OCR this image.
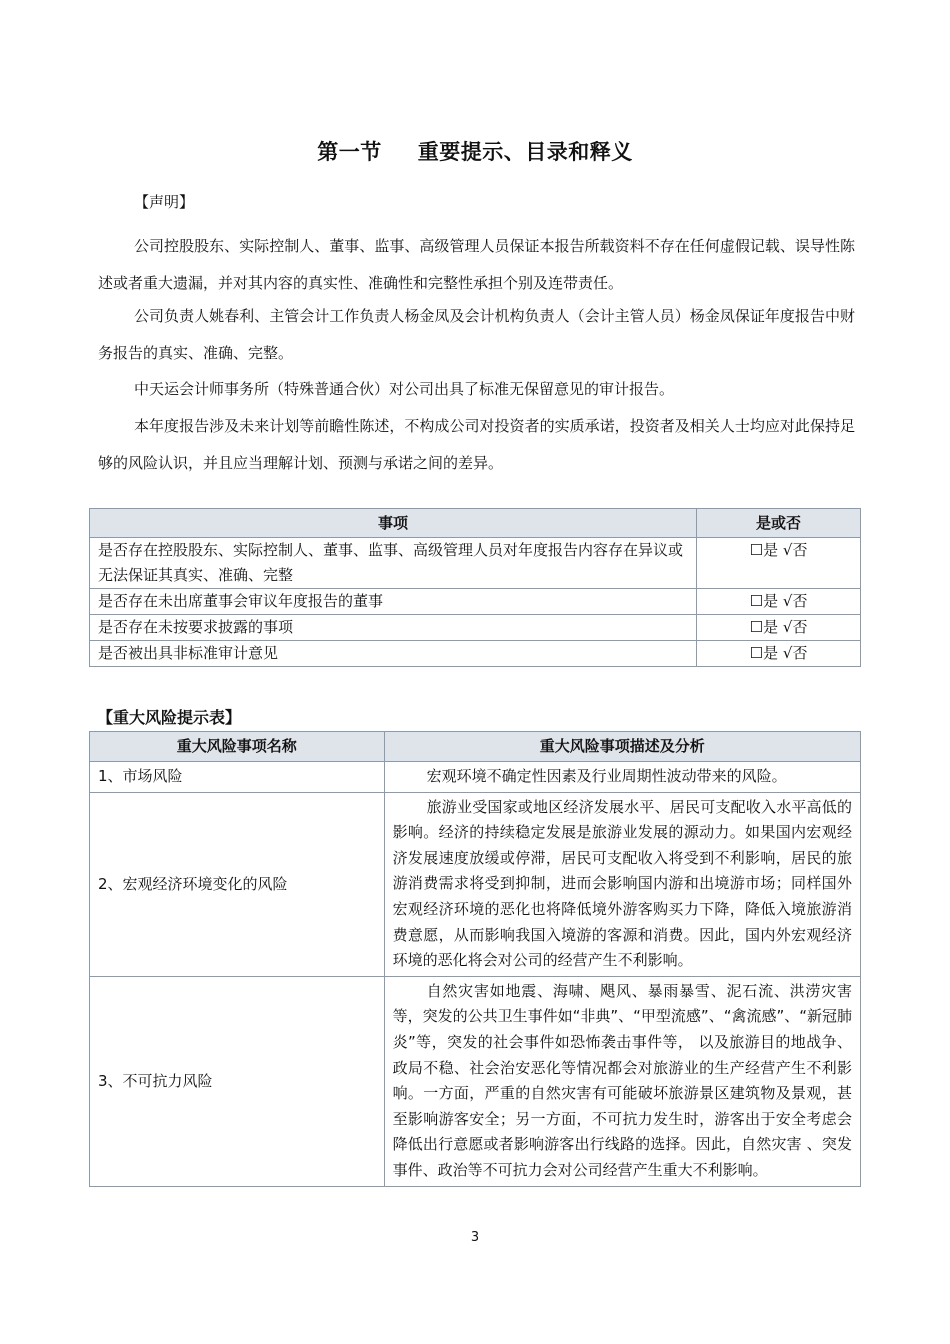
第一节 重要提示、目录和释义
【声明】
公司控股股东、实际控制人、董事、监事、高级管理人员保证本报告所载资料不存在任何虚假记载、误导性陈述或者重大遗漏，并对其内容的真实性、准确性和完整性承担个别及连带责任。
公司负责人姚春利、主管会计工作负责人杨金凤及会计机构负责人（会计主管人员）杨金凤保证年度报告中财务报告的真实、准确、完整。
中天运会计师事务所（特殊普通合伙）对公司出具了标准无保留意见的审计报告。
本年度报告涉及未来计划等前瞻性陈述，不构成公司对投资者的实质承诺，投资者及相关人士均应对此保持足够的风险认识，并且应当理解计划、预测与承诺之间的差异。
事项	是或否
是否存在控股股东、实际控制人、董事、监事、高级管理人员对年度报告内容存在异议或无法保证其真实、准确、完整	☐是 √否
是否存在未出席董事会审议年度报告的董事	☐是 √否
是否存在未按要求披露的事项	☐是 √否
是否被出具非标准审计意见	☐是 √否
【重大风险提示表】
重大风险事项名称	重大风险事项描述及分析
1、市场风险	宏观环境不确定性因素及行业周期性波动带来的风险。
2、宏观经济环境变化的风险	旅游业受国家或地区经济发展水平、居民可支配收入水平高低的影响。经济的持续稳定发展是旅游业发展的源动力。如果国内宏观经济发展速度放缓或停滞，居民可支配收入将受到不利影响，居民的旅游消费需求将受到抑制，进而会影响国内游和出境游市场；同样国外宏观经济环境的恶化也将降低境外游客购买力下降，降低入境旅游消费意愿，从而影响我国入境游的客源和消费。因此，国内外宏观经济环境的恶化将会对公司的经营产生不利影响。
3、不可抗力风险	自然灾害如地震、海啸、飓风、暴雨暴雪、泥石流、洪涝灾害等，突发的公共卫生事件如“非典”、“甲型流感”、“禽流感”、“新冠肺炎”等，突发的社会事件如恐怖袭击事件等， 以及旅游目的地战争、政局不稳、社会治安恶化等情况都会对旅游业的生产经营产生不利影响。一方面，严重的自然灾害有可能破坏旅游景区建筑物及景观，甚至影响游客安全；另一方面，不可抗力发生时，游客出于安全考虑会降低出行意愿或者影响游客出行线路的选择。因此，自然灾害 、突发事件、政治等不可抗力会对公司经营产生重大不利影响。
3
